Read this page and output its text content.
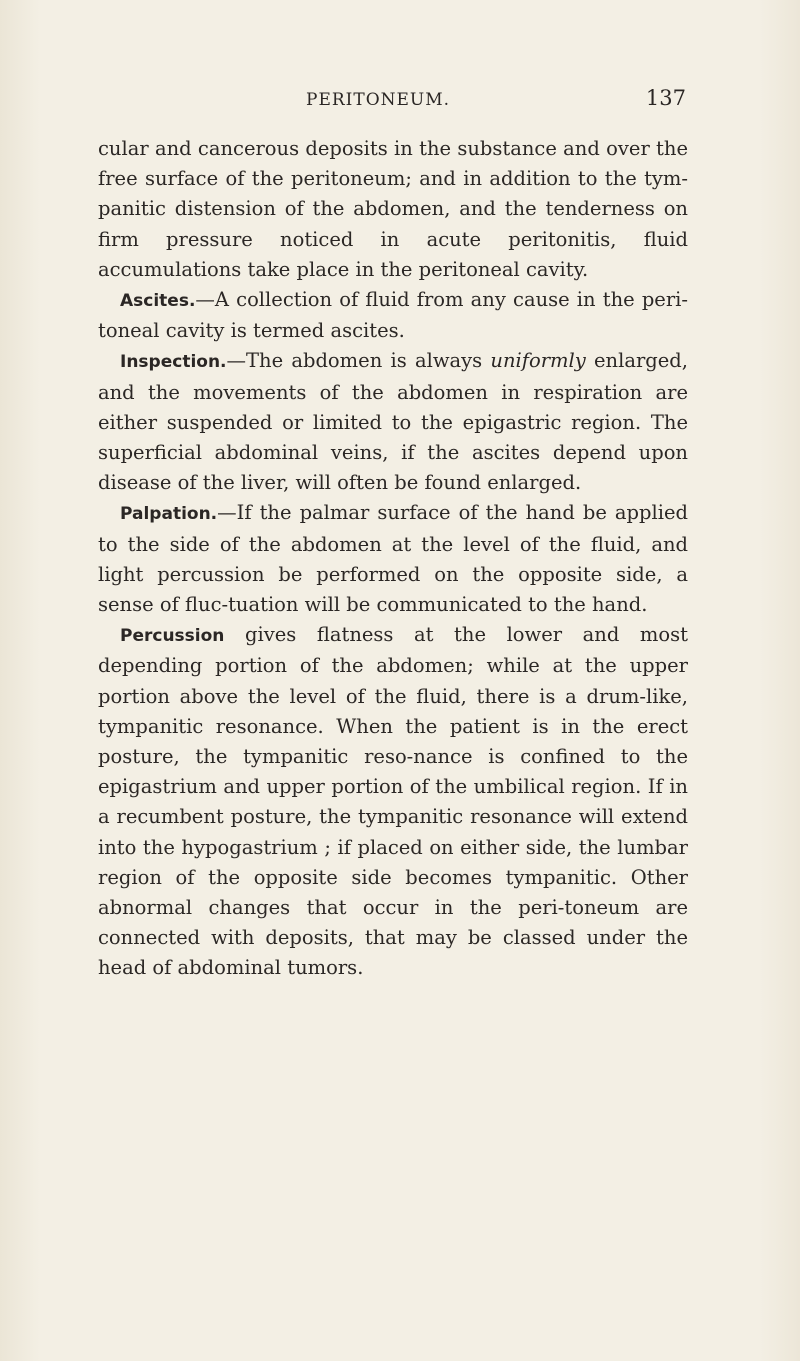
PERITONEUM.	137

cular and cancerous deposits in the substance and over the free surface of the peritoneum; and in addition to the tym-panitic distension of the abdomen, and the tenderness on firm pressure noticed in acute peritonitis, fluid accumulations take place in the peritoneal cavity.

Ascites.—A collection of fluid from any cause in the peri-toneal cavity is termed ascites.

Inspection.—The abdomen is always uniformly enlarged, and the movements of the abdomen in respiration are either suspended or limited to the epigastric region. The superficial abdominal veins, if the ascites depend upon disease of the liver, will often be found enlarged.

Palpation.—If the palmar surface of the hand be applied to the side of the abdomen at the level of the fluid, and light percussion be performed on the opposite side, a sense of fluc-tuation will be communicated to the hand.

Percussion gives flatness at the lower and most depending portion of the abdomen; while at the upper portion above the level of the fluid, there is a drum-like, tympanitic resonance. When the patient is in the erect posture, the tympanitic reso-nance is confined to the epigastrium and upper portion of the umbilical region. If in a recumbent posture, the tympanitic resonance will extend into the hypogastrium ; if placed on either side, the lumbar region of the opposite side becomes tympanitic. Other abnormal changes that occur in the peri-toneum are connected with deposits, that may be classed under the head of abdominal tumors.
